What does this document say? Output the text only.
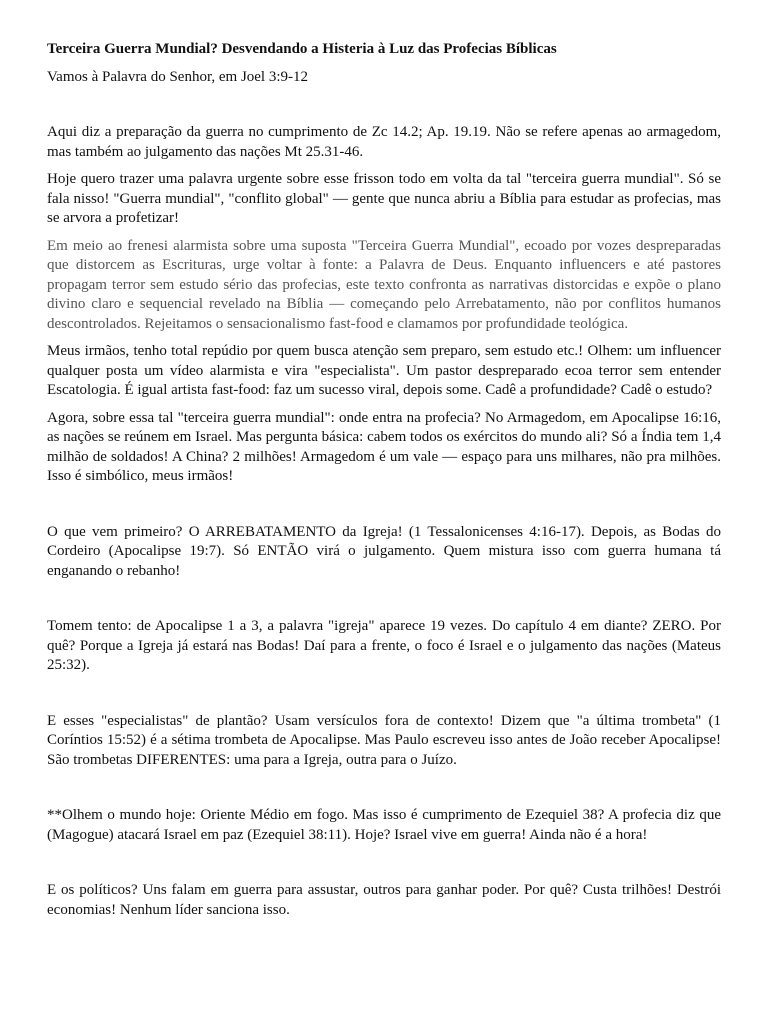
Terceira Guerra Mundial? Desvendando a Histeria à Luz das Profecias Bíblicas
Vamos à Palavra do Senhor, em Joel 3:9-12
Aqui diz a preparação da guerra no cumprimento de Zc 14.2; Ap. 19.19. Não se refere apenas ao armagedom, mas também ao julgamento das nações Mt 25.31-46.
Hoje quero trazer uma palavra urgente sobre esse frisson todo em volta da tal "terceira guerra mundial". Só se fala nisso! "Guerra mundial", "conflito global" — gente que nunca abriu a Bíblia para estudar as profecias, mas se arvora a profetizar!
Em meio ao frenesi alarmista sobre uma suposta "Terceira Guerra Mundial", ecoado por vozes despreparadas que distorcem as Escrituras, urge voltar à fonte: a Palavra de Deus. Enquanto influencers e até pastores propagam terror sem estudo sério das profecias, este texto confronta as narrativas distorcidas e expõe o plano divino claro e sequencial revelado na Bíblia — começando pelo Arrebatamento, não por conflitos humanos descontrolados. Rejeitamos o sensacionalismo fast-food e clamamos por profundidade teológica.
Meus irmãos, tenho total repúdio por quem busca atenção sem preparo, sem estudo etc.! Olhem: um influencer qualquer posta um vídeo alarmista e vira "especialista". Um pastor despreparado ecoa terror sem entender Escatologia. É igual artista fast-food: faz um sucesso viral, depois some. Cadê a profundidade? Cadê o estudo?
Agora, sobre essa tal "terceira guerra mundial": onde entra na profecia? No Armagedom, em Apocalipse 16:16, as nações se reúnem em Israel. Mas pergunta básica: cabem todos os exércitos do mundo ali? Só a Índia tem 1,4 milhão de soldados! A China? 2 milhões! Armagedom é um vale — espaço para uns milhares, não pra milhões. Isso é simbólico, meus irmãos!
O que vem primeiro? O ARREBATAMENTO da Igreja! (1 Tessalonicenses 4:16-17). Depois, as Bodas do Cordeiro (Apocalipse 19:7). Só ENTÃO virá o julgamento. Quem mistura isso com guerra humana tá enganando o rebanho!
Tomem tento: de Apocalipse 1 a 3, a palavra "igreja" aparece 19 vezes. Do capítulo 4 em diante? ZERO. Por quê? Porque a Igreja já estará nas Bodas! Daí para a frente, o foco é Israel e o julgamento das nações (Mateus 25:32).
E esses "especialistas" de plantão? Usam versículos fora de contexto! Dizem que "a última trombeta" (1 Coríntios 15:52) é a sétima trombeta de Apocalipse. Mas Paulo escreveu isso antes de João receber Apocalipse! São trombetas DIFERENTES: uma para a Igreja, outra para o Juízo.
**Olhem o mundo hoje: Oriente Médio em fogo. Mas isso é cumprimento de Ezequiel 38? A profecia diz que (Magogue) atacará Israel em paz (Ezequiel 38:11). Hoje? Israel vive em guerra! Ainda não é a hora!
E os políticos? Uns falam em guerra para assustar, outros para ganhar poder. Por quê? Custa trilhões! Destrói economias! Nenhum líder sanciona isso.
